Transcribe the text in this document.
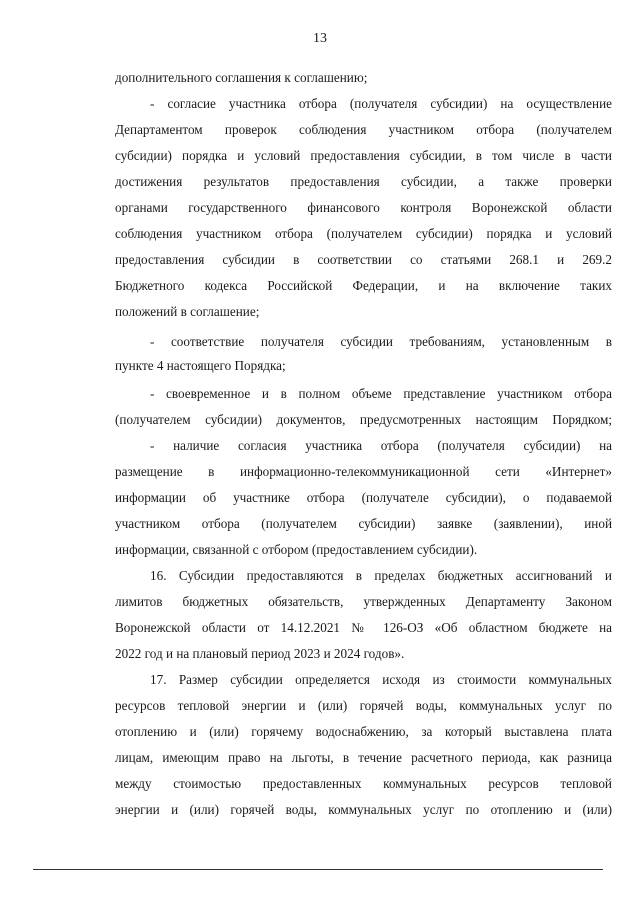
13
дополнительного соглашения к соглашению;
- согласие участника отбора (получателя субсидии) на осуществление
Департаментом проверок соблюдения участником отбора (получателем
субсидии) порядка и условий предоставления субсидии, в том числе в части
достижения результатов предоставления субсидии, а также проверки
органами государственного финансового контроля Воронежской области
соблюдения участником отбора (получателем субсидии) порядка и условий
предоставления субсидии в соответствии со статьями 268.1 и 269.2
Бюджетного кодекса Российской Федерации, и на включение таких
положений в соглашение;
- соответствие получателя субсидии требованиям, установленным в
пункте 4 настоящего Порядка;
- своевременное и в полном объеме представление участником отбора
(получателем субсидии) документов, предусмотренных настоящим Порядком;
- наличие согласия участника отбора (получателя субсидии) на
размещение в информационно-телекоммуникационной сети «Интернет»
информации об участнике отбора (получателе субсидии), о подаваемой
участником отбора (получателем субсидии) заявке (заявлении), иной
информации, связанной с отбором (предоставлением субсидии).
16. Субсидии предоставляются в пределах бюджетных ассигнований и
лимитов бюджетных обязательств, утвержденных Департаменту Законом
Воронежской области от 14.12.2021 № 126-ОЗ «Об областном бюджете на
2022 год и на плановый период 2023 и 2024 годов».
17. Размер субсидии определяется исходя из стоимости коммунальных
ресурсов тепловой энергии и (или) горячей воды, коммунальных услуг по
отоплению и (или) горячему водоснабжению, за который выставлена плата
лицам, имеющим право на льготы, в течение расчетного периода, как разница
между стоимостью предоставленных коммунальных ресурсов тепловой
энергии и (или) горячей воды, коммунальных услуг по отоплению и (или)
